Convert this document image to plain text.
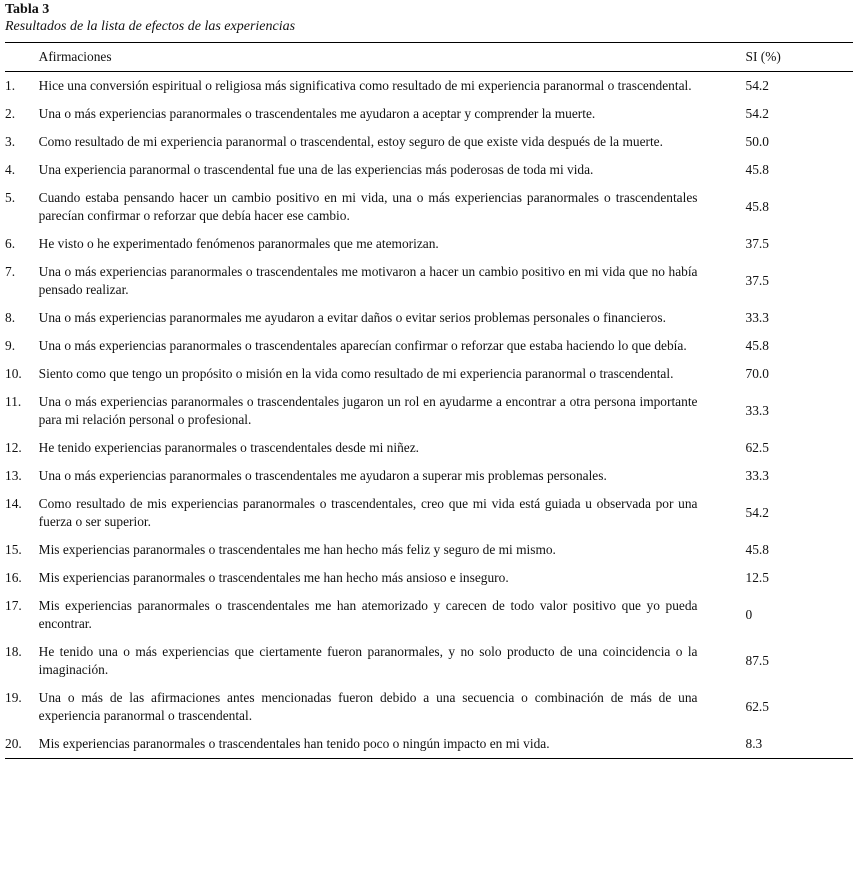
Tabla 3

Resultados de la lista de efectos de las experiencias

	Afirmaciones	SI (%)
1.	Hice una conversión espiritual o religiosa más significativa como resultado de mi experiencia paranormal o trascendental.	54.2
2.	Una o más experiencias paranormales o trascendentales me ayudaron a aceptar y comprender la muerte.	54.2
3.	Como resultado de mi experiencia paranormal o trascendental, estoy seguro de que existe vida después de la muerte.	50.0
4.	Una experiencia paranormal o trascendental fue una de las experiencias más poderosas de toda mi vida.	45.8
5.	Cuando estaba pensando hacer un cambio positivo en mi vida, una o más experiencias paranormales o trascendentales parecían confirmar o reforzar que debía hacer ese cambio.	45.8
6.	He visto o he experimentado fenómenos paranormales que me atemorizan.	37.5
7.	Una o más experiencias paranormales o trascendentales me motivaron a hacer un cambio positivo en mi vida que no había pensado realizar.	37.5
8.	Una o más experiencias paranormales me ayudaron a evitar daños o evitar serios problemas personales o financieros.	33.3
9.	Una o más experiencias paranormales o trascendentales aparecían confirmar o reforzar que estaba haciendo lo que debía.	45.8
10.	Siento como que tengo un propósito o misión en la vida como resultado de mi experiencia paranormal o trascendental.	70.0
11.	Una o más experiencias paranormales o trascendentales jugaron un rol en ayudarme a encontrar a otra persona importante para mi relación personal o profesional.	33.3
12.	He tenido experiencias paranormales o trascendentales desde mi niñez.	62.5
13.	Una o más experiencias paranormales o trascendentales me ayudaron a superar mis problemas personales.	33.3
14.	Como resultado de mis experiencias paranormales o trascendentales, creo que mi vida está guiada u observada por una fuerza o ser superior.	54.2
15.	Mis experiencias paranormales o trascendentales me han hecho más feliz y seguro de mi mismo.	45.8
16.	Mis experiencias paranormales o trascendentales me han hecho más ansioso e inseguro.	12.5
17.	Mis experiencias paranormales o trascendentales me han atemorizado y carecen de todo valor positivo que yo pueda encontrar.	0
18.	He tenido una o más experiencias que ciertamente fueron paranormales, y no solo producto de una coincidencia o la imaginación.	87.5
19.	Una o más de las afirmaciones antes mencionadas fueron debido a una secuencia o combinación de más de una experiencia paranormal o trascendental.	62.5
20.	Mis experiencias paranormales o trascendentales han tenido poco o ningún impacto en mi vida.	8.3
